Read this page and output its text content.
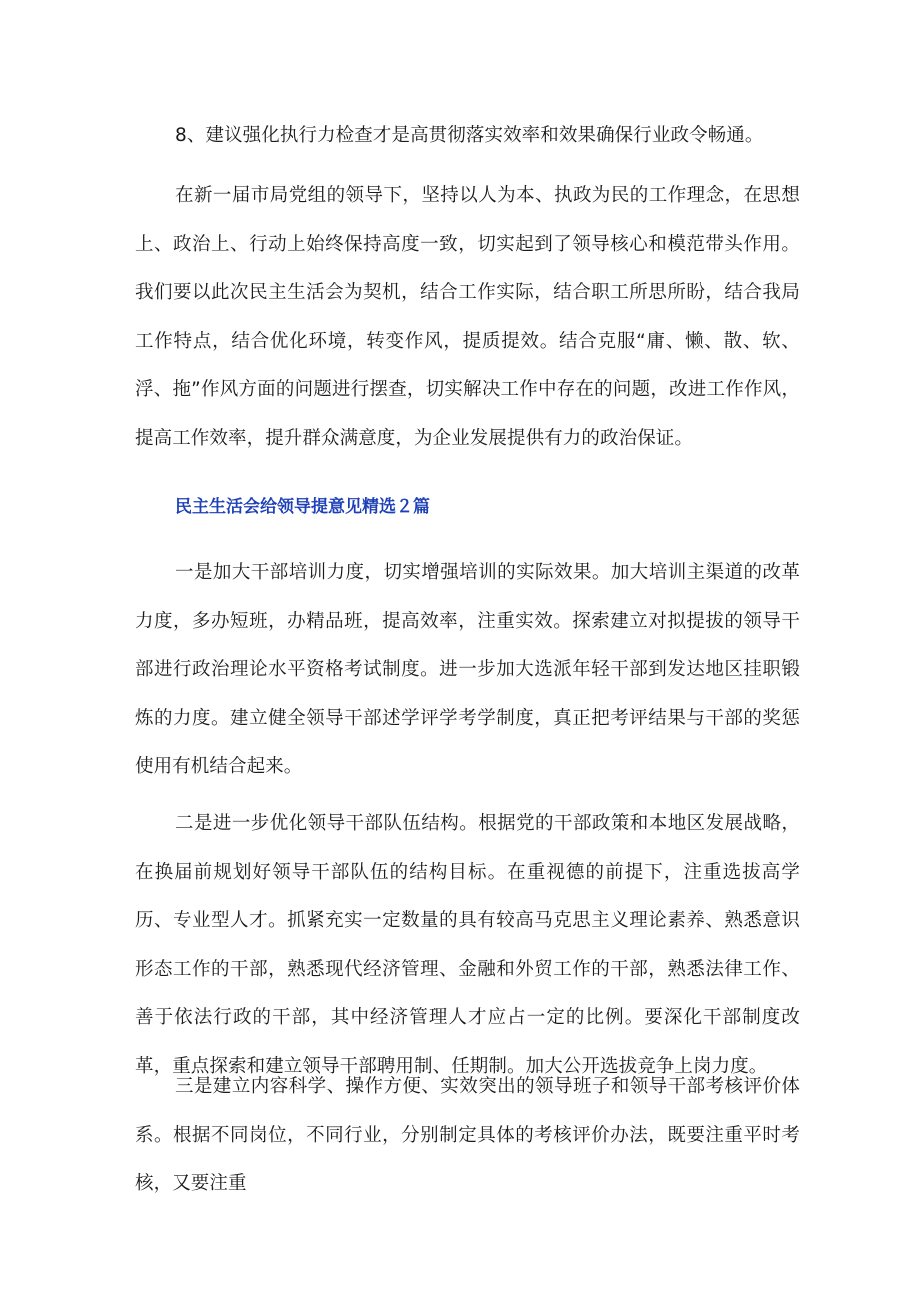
8、建议强化执行力检查才是高贯彻落实效率和效果确保行业政令畅通。

在新一届市局党组的领导下，坚持以人为本、执政为民的工作理念，在思想上、政治上、行动上始终保持高度一致，切实起到了领导核心和模范带头作用。我们要以此次民主生活会为契机，结合工作实际，结合职工所思所盼，结合我局工作特点，结合优化环境，转变作风，提质提效。结合克服“庸、懒、散、软、浮、拖”作风方面的问题进行摆查，切实解决工作中存在的问题，改进工作作风，提高工作效率，提升群众满意度，为企业发展提供有力的政治保证。

民主生活会给领导提意见精选２篇

一是加大干部培训力度，切实增强培训的实际效果。加大培训主渠道的改革力度，多办短班，办精品班，提高效率，注重实效。探索建立对拟提拔的领导干部进行政治理论水平资格考试制度。进一步加大选派年轻干部到发达地区挂职锻炼的力度。建立健全领导干部述学评学考学制度，真正把考评结果与干部的奖惩使用有机结合起来。

二是进一步优化领导干部队伍结构。根据党的干部政策和本地区发展战略，在换届前规划好领导干部队伍的结构目标。在重视德的前提下，注重选拔高学历、专业型人才。抓紧充实一定数量的具有较高马克思主义理论素养、熟悉意识形态工作的干部，熟悉现代经济管理、金融和外贸工作的干部，熟悉法律工作、善于依法行政的干部，其中经济管理人才应占一定的比例。要深化干部制度改革，重点探索和建立领导干部聘用制、任期制。加大公开选拔竞争上岗力度。

三是建立内容科学、操作方便、实效突出的领导班子和领导干部考核评价体系。根据不同岗位，不同行业，分别制定具体的考核评价办法，既要注重平时考核，又要注重
